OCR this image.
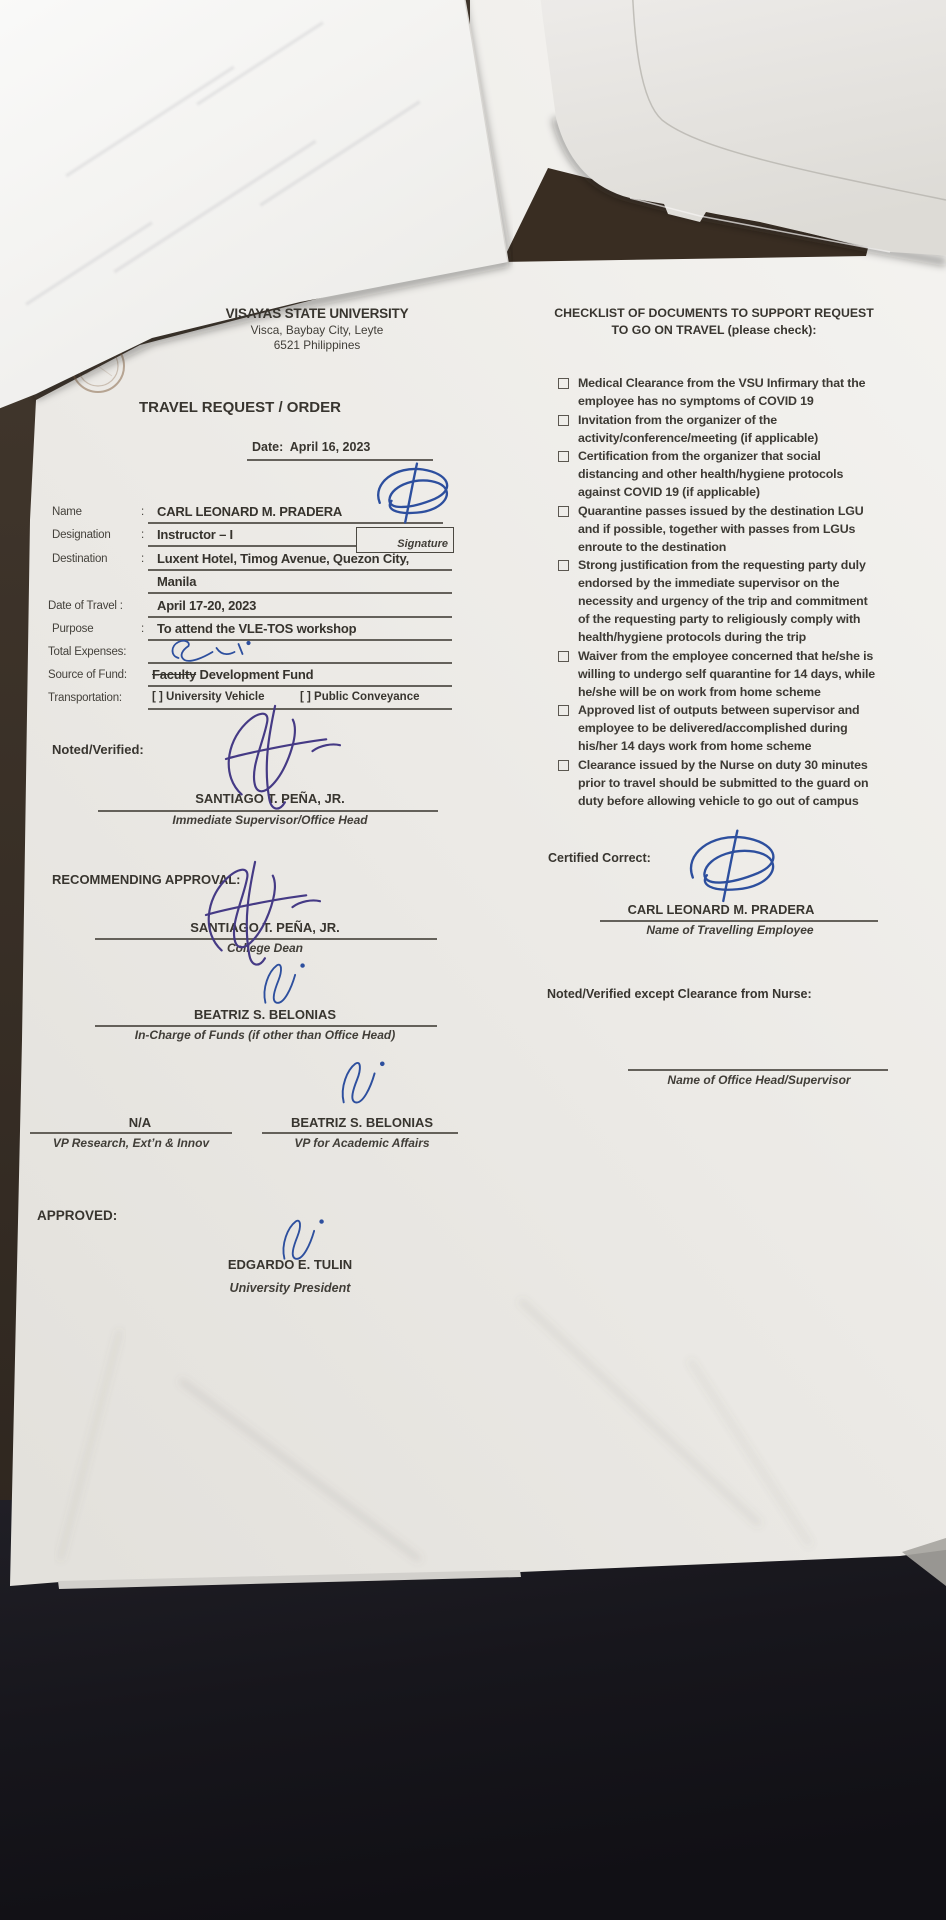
VISAYAS STATE UNIVERSITY
Visca, Baybay City, Leyte
6521 Philippines
TRAVEL REQUEST / ORDER
Date: April 16, 2023
Name	: CARL LEONARD M. PRADERA
Designation	: Instructor – I
Signature
Destination	: Luxent Hotel, Timog Avenue, Quezon City,
Manila
Date of Travel :	April 17-20, 2023
Purpose	: To attend the VLE-TOS workshop
Total Expenses:
Source of Fund: Faculty Development Fund
Transportation:	[ ] University Vehicle	[ ] Public Conveyance
Noted/Verified:
SANTIAGO T. PEÑA, JR.
Immediate Supervisor/Office Head
RECOMMENDING APPROVAL:
SANTIAGO T. PEÑA, JR.
College Dean
BEATRIZ S. BELONIAS
In-Charge of Funds (if other than Office Head)
N/A
VP Research, Ext’n & Innov
BEATRIZ S. BELONIAS
VP for Academic Affairs
APPROVED:
EDGARDO E. TULIN
University President
CHECKLIST OF DOCUMENTS TO SUPPORT REQUEST
TO GO ON TRAVEL (please check):
Medical Clearance from the VSU Infirmary that the employee has no symptoms of COVID 19
Invitation from the organizer of the activity/conference/meeting (if applicable)
Certification from the organizer that social distancing and other health/hygiene protocols against COVID 19 (if applicable)
Quarantine passes issued by the destination LGU and if possible, together with passes from LGUs enroute to the destination
Strong justification from the requesting party duly endorsed by the immediate supervisor on the necessity and urgency of the trip and commitment of the requesting party to religiously comply with health/hygiene protocols during the trip
Waiver from the employee concerned that he/she is willing to undergo self quarantine for 14 days, while he/she will be on work from home scheme
Approved list of outputs between supervisor and employee to be delivered/accomplished during his/her 14 days work from home scheme
Clearance issued by the Nurse on duty 30 minutes prior to travel should be submitted to the guard on duty before allowing vehicle to go out of campus
Certified Correct:
CARL LEONARD M. PRADERA
Name of Travelling Employee
Noted/Verified except Clearance from Nurse:
Name of Office Head/Supervisor
